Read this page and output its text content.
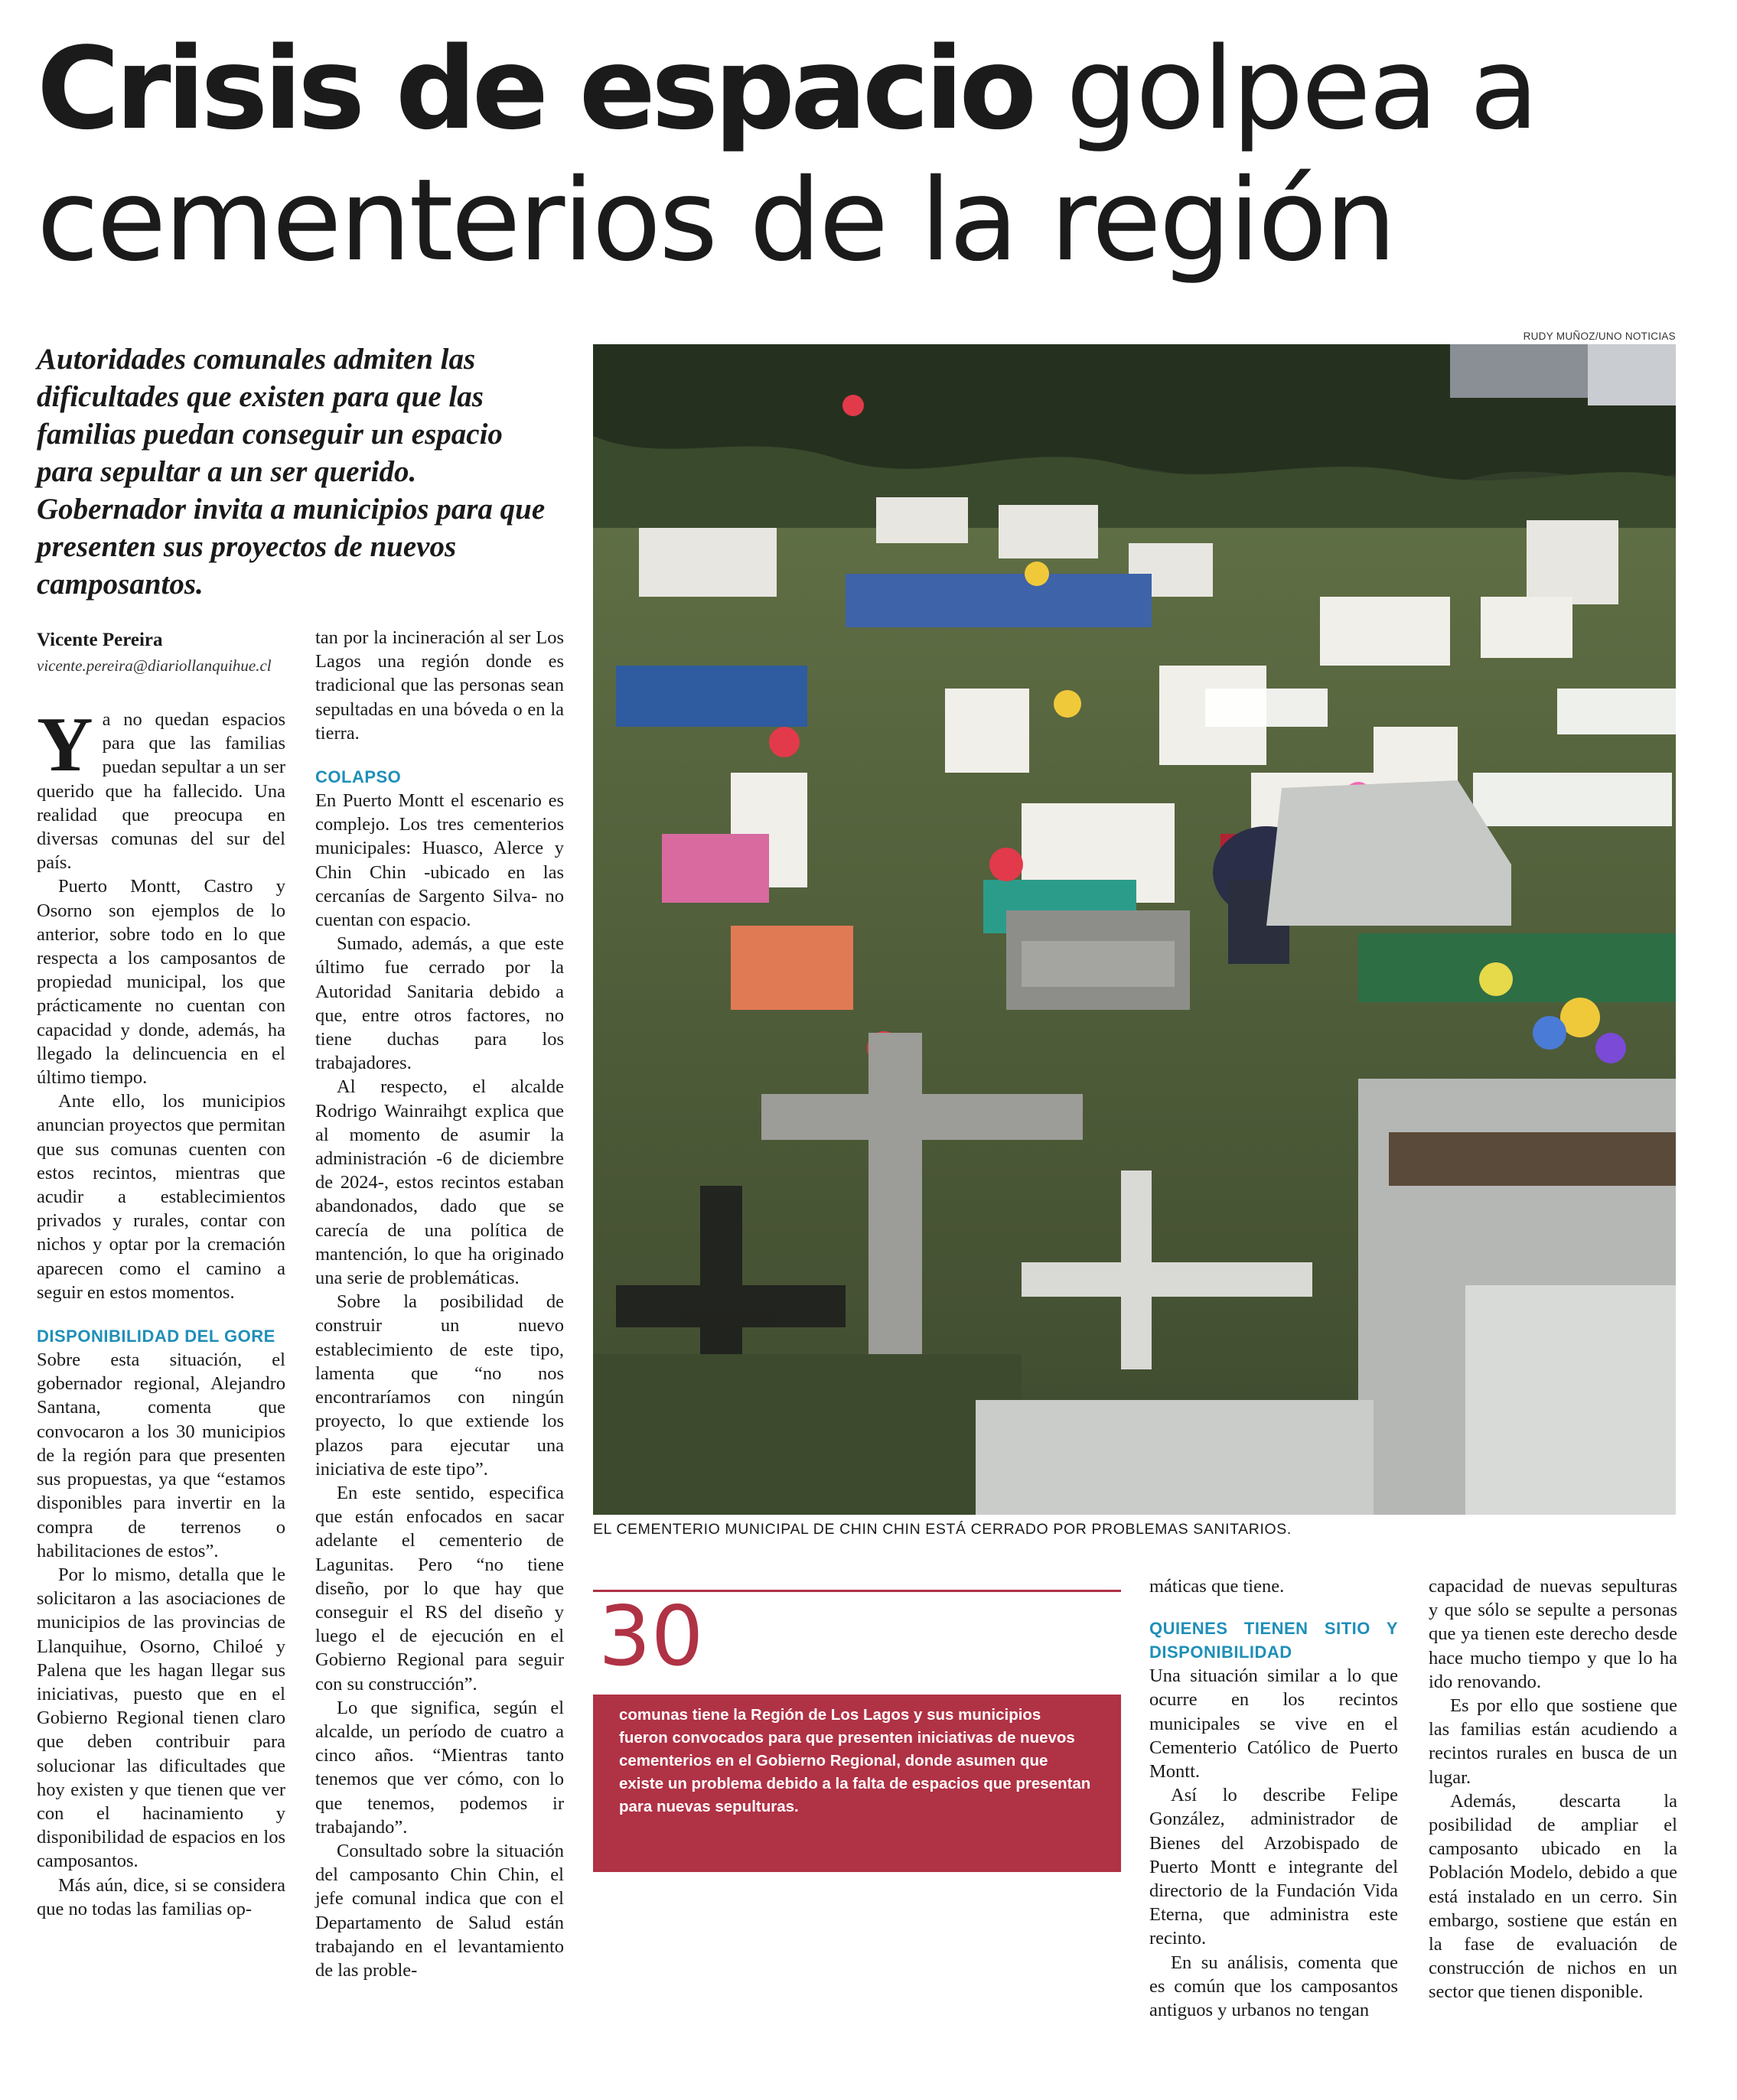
Crisis de espacio golpea a cementerios de la región

Autoridades comunales admiten las dificultades que existen para que las familias puedan conseguir un espacio para sepultar a un ser querido. Gobernador invita a municipios para que presenten sus proyectos de nuevos camposantos.

Vicente Pereira
vicente.pereira@diariollanquihue.cl

Ya no quedan espacios para que las familias puedan sepultar a un ser querido que ha fallecido. Una realidad que preocupa en diversas comunas del sur del país.

Puerto Montt, Castro y Osorno son ejemplos de lo anterior, sobre todo en lo que respecta a los camposantos de propiedad municipal, los que prácticamente no cuentan con capacidad y donde, además, ha llegado la delincuencia en el último tiempo.

Ante ello, los municipios anuncian proyectos que permitan que sus comunas cuenten con estos recintos, mientras que acudir a establecimientos privados y rurales, contar con nichos y optar por la cremación aparecen como el camino a seguir en estos momentos.

DISPONIBILIDAD DEL GORE

Sobre esta situación, el gobernador regional, Alejandro Santana, comenta que convocaron a los 30 municipios de la región para que presenten sus propuestas, ya que “estamos disponibles para invertir en la compra de terrenos o habilitaciones de estos”.

Por lo mismo, detalla que le solicitaron a las asociaciones de municipios de las provincias de Llanquihue, Osorno, Chiloé y Palena que les hagan llegar sus iniciativas, puesto que en el Gobierno Regional tienen claro que deben contribuir para solucionar las dificultades que hoy existen y que tienen que ver con el hacinamiento y disponibilidad de espacios en los camposantos.

Más aún, dice, si se considera que no todas las familias op-

tan por la incineración al ser Los Lagos una región donde es tradicional que las personas sean sepultadas en una bóveda o en la tierra.

COLAPSO

En Puerto Montt el escenario es complejo. Los tres cementerios municipales: Huasco, Alerce y Chin Chin -ubicado en las cercanías de Sargento Silva- no cuentan con espacio.

Sumado, además, a que este último fue cerrado por la Autoridad Sanitaria debido a que, entre otros factores, no tiene duchas para los trabajadores.

Al respecto, el alcalde Rodrigo Wainraihgt explica que al momento de asumir la administración -6 de diciembre de 2024-, estos recintos estaban abandonados, dado que se carecía de una política de mantención, lo que ha originado una serie de problemáticas.

Sobre la posibilidad de construir un nuevo establecimiento de este tipo, lamenta que “no nos encontraríamos con ningún proyecto, lo que extiende los plazos para ejecutar una iniciativa de este tipo”.

En este sentido, especifica que están enfocados en sacar adelante el cementerio de Lagunitas. Pero “no tiene diseño, por lo que hay que conseguir el RS del diseño y luego el de ejecución en el Gobierno Regional para seguir con su construcción”.

Lo que significa, según el alcalde, un período de cuatro a cinco años. “Mientras tanto tenemos que ver cómo, con lo que tenemos, podemos ir trabajando”.

Consultado sobre la situación del camposanto Chin Chin, el jefe comunal indica que con el Departamento de Salud están trabajando en el levantamiento de las proble-

RUDY MUÑOZ/UNO NOTICIAS
EL CEMENTERIO MUNICIPAL DE CHIN CHIN ESTÁ CERRADO POR PROBLEMAS SANITARIOS.
30
comunas tiene la Región de Los Lagos y sus municipios fueron convocados para que presenten iniciativas de nuevos cementerios en el Gobierno Regional, donde asumen que existe un problema debido a la falta de espacios que presentan para nuevas sepulturas.

máticas que tiene.

QUIENES TIENEN SITIO Y DISPONIBILIDAD

Una situación similar a lo que ocurre en los recintos municipales se vive en el Cementerio Católico de Puerto Montt.

Así lo describe Felipe González, administrador de Bienes del Arzobispado de Puerto Montt e integrante del directorio de la Fundación Vida Eterna, que administra este recinto.

En su análisis, comenta que es común que los camposantos antiguos y urbanos no tengan

capacidad de nuevas sepulturas y que sólo se sepulte a personas que ya tienen este derecho desde hace mucho tiempo y que lo ha ido renovando.

Es por ello que sostiene que las familias están acudiendo a recintos rurales en busca de un lugar.

Además, descarta la posibilidad de ampliar el camposanto ubicado en la Población Modelo, debido a que está instalado en un cerro. Sin embargo, sostiene que están en la fase de evaluación de construcción de nichos en un sector que tienen disponible.
